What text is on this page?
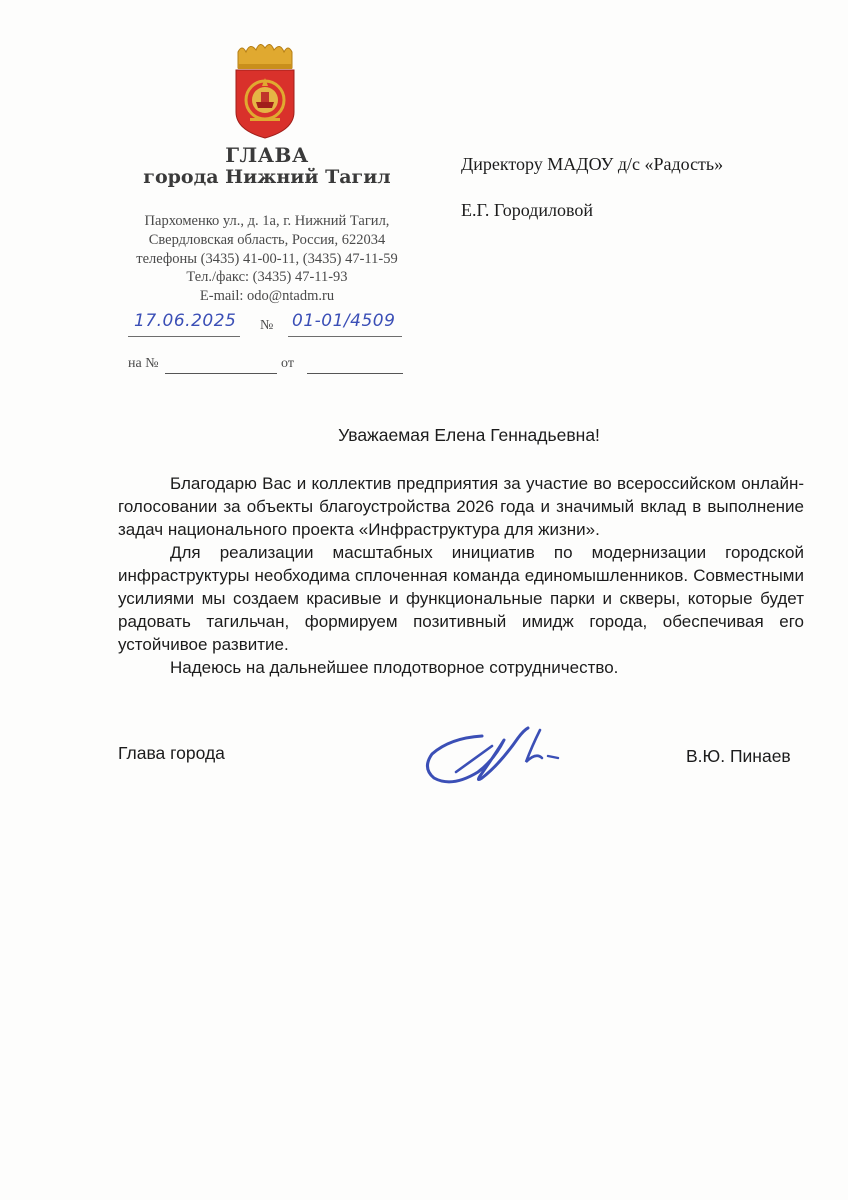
ГЛАВА
города Нижний Тагил
Пархоменко ул., д. 1а, г. Нижний Тагил,
Свердловская область, Россия, 622034
телефоны (3435) 41-00-11, (3435) 47-11-59
Тел./факс: (3435) 47-11-93
E-mail: odo@ntadm.ru
17.06.2025 № 01-01/4509
на №	от
Директору МАДОУ д/с «Радость»
Е.Г. Городиловой
Уважаемая Елена Геннадьевна!

Благодарю Вас и коллектив предприятия за участие во всероссийском онлайн-голосовании за объекты благоустройства 2026 года и значимый вклад в выполнение задач национального проекта «Инфраструктура для жизни».

Для реализации масштабных инициатив по модернизации городской инфраструктуры необходима сплоченная команда единомышленников. Совместными усилиями мы создаем красивые и функциональные парки и скверы, которые будет радовать тагильчан, формируем позитивный имидж города, обеспечивая его устойчивое развитие.

Надеюсь на дальнейшее плодотворное сотрудничество.

Глава города	В.Ю. Пинаев
